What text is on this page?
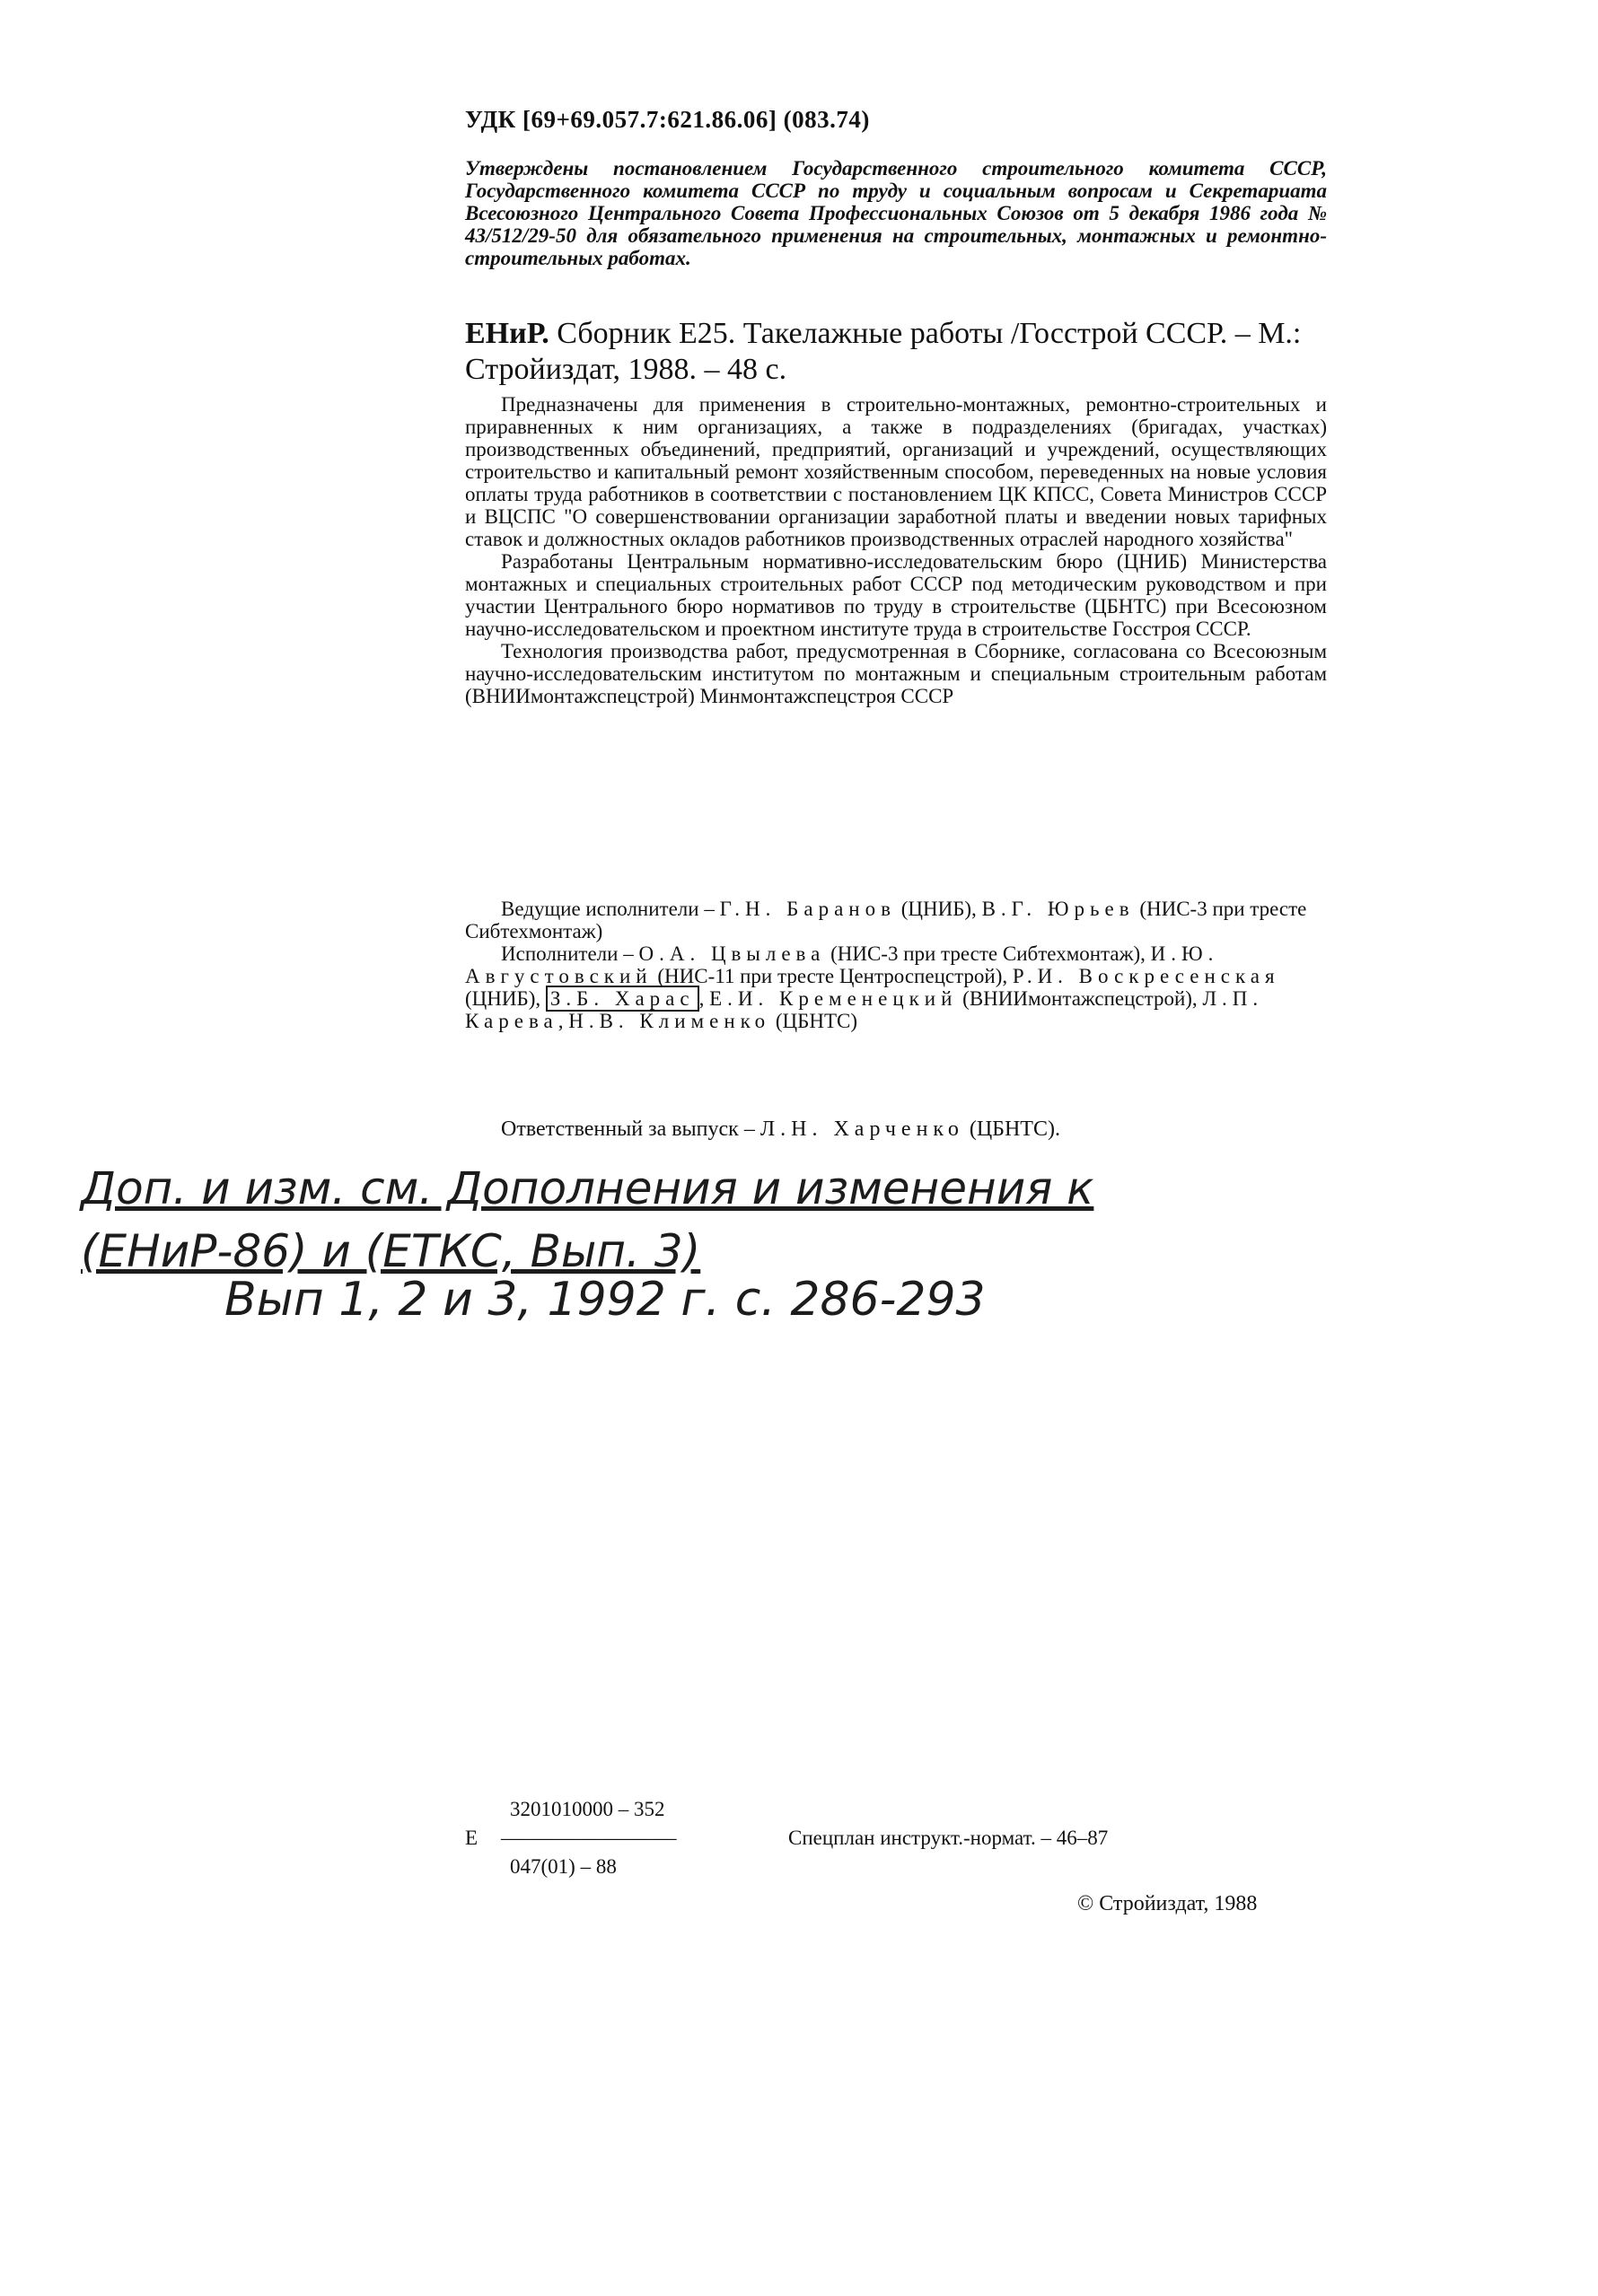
УДК [69+69.057.7:621.86.06] (083.74)
Утверждены постановлением Государственного строительного комитета СССР, Государственного комитета СССР по труду и социальным вопросам и Секретариата Всесоюзного Центрального Совета Профессиональных Союзов от 5 декабря 1986 года № 43/512/29-50 для обязательного применения на строительных, монтажных и ремонтно-строительных работах.
ЕНиР. Сборник Е25. Такелажные работы /Госстрой СССР. – М.: Стройиздат, 1988. – 48 с.

Предназначены для применения в строительно-монтажных, ремонтно-строительных и приравненных к ним организациях, а также в подразделениях (бригадах, участках) производственных объединений, предприятий, организаций и учреждений, осуществляющих строительство и капитальный ремонт хозяйственным способом, переведенных на новые условия оплаты труда работников в соответствии с постановлением ЦК КПСС, Совета Министров СССР и ВЦСПС "О совершенствовании организации заработной платы и введении новых тарифных ставок и должностных окладов работников производственных отраслей народного хозяйства"

Разработаны Центральным нормативно-исследовательским бюро (ЦНИБ) Министерства монтажных и специальных строительных работ СССР под методическим руководством и при участии Центрального бюро нормативов по труду в строительстве (ЦБНТС) при Всесоюзном научно-исследовательском и проектном институте труда в строительстве Госстроя СССР.

Технология производства работ, предусмотренная в Сборнике, согласована со Всесоюзным научно-исследовательским институтом по монтажным и специальным строительным работам (ВНИИмонтажспецстрой) Минмонтажспецстроя СССР

Ведущие исполнители – Г.Н. Баранов (ЦНИБ), В.Г. Юрьев (НИС-3 при тресте Сибтехмонтаж)

Исполнители – О.А. Цвылева (НИС-3 при тресте Сибтехмонтаж), И.Ю. Августовский (НИС-11 при тресте Центроспецстрой), Р.И. Воскресенская (ЦНИБ), З.Б. Харас , Е.И. Кременецкий (ВНИИмонтажспецстрой), Л.П. Карева, Н.В. Клименко (ЦБНТС)

Ответственный за выпуск – Л.Н. Харченко (ЦБНТС).
Доп. и изм. см. Дополнения и изменения к
(ЕНиР-86) и (ЕТКС, Вып. 3)
Вып 1, 2 и 3, 1992 г. с. 286-293
Е
3201010000 – 352
–––––––––––––––––
047(01) – 88
Спецплан инструкт.-нормат. – 46–87
© Стройиздат, 1988
